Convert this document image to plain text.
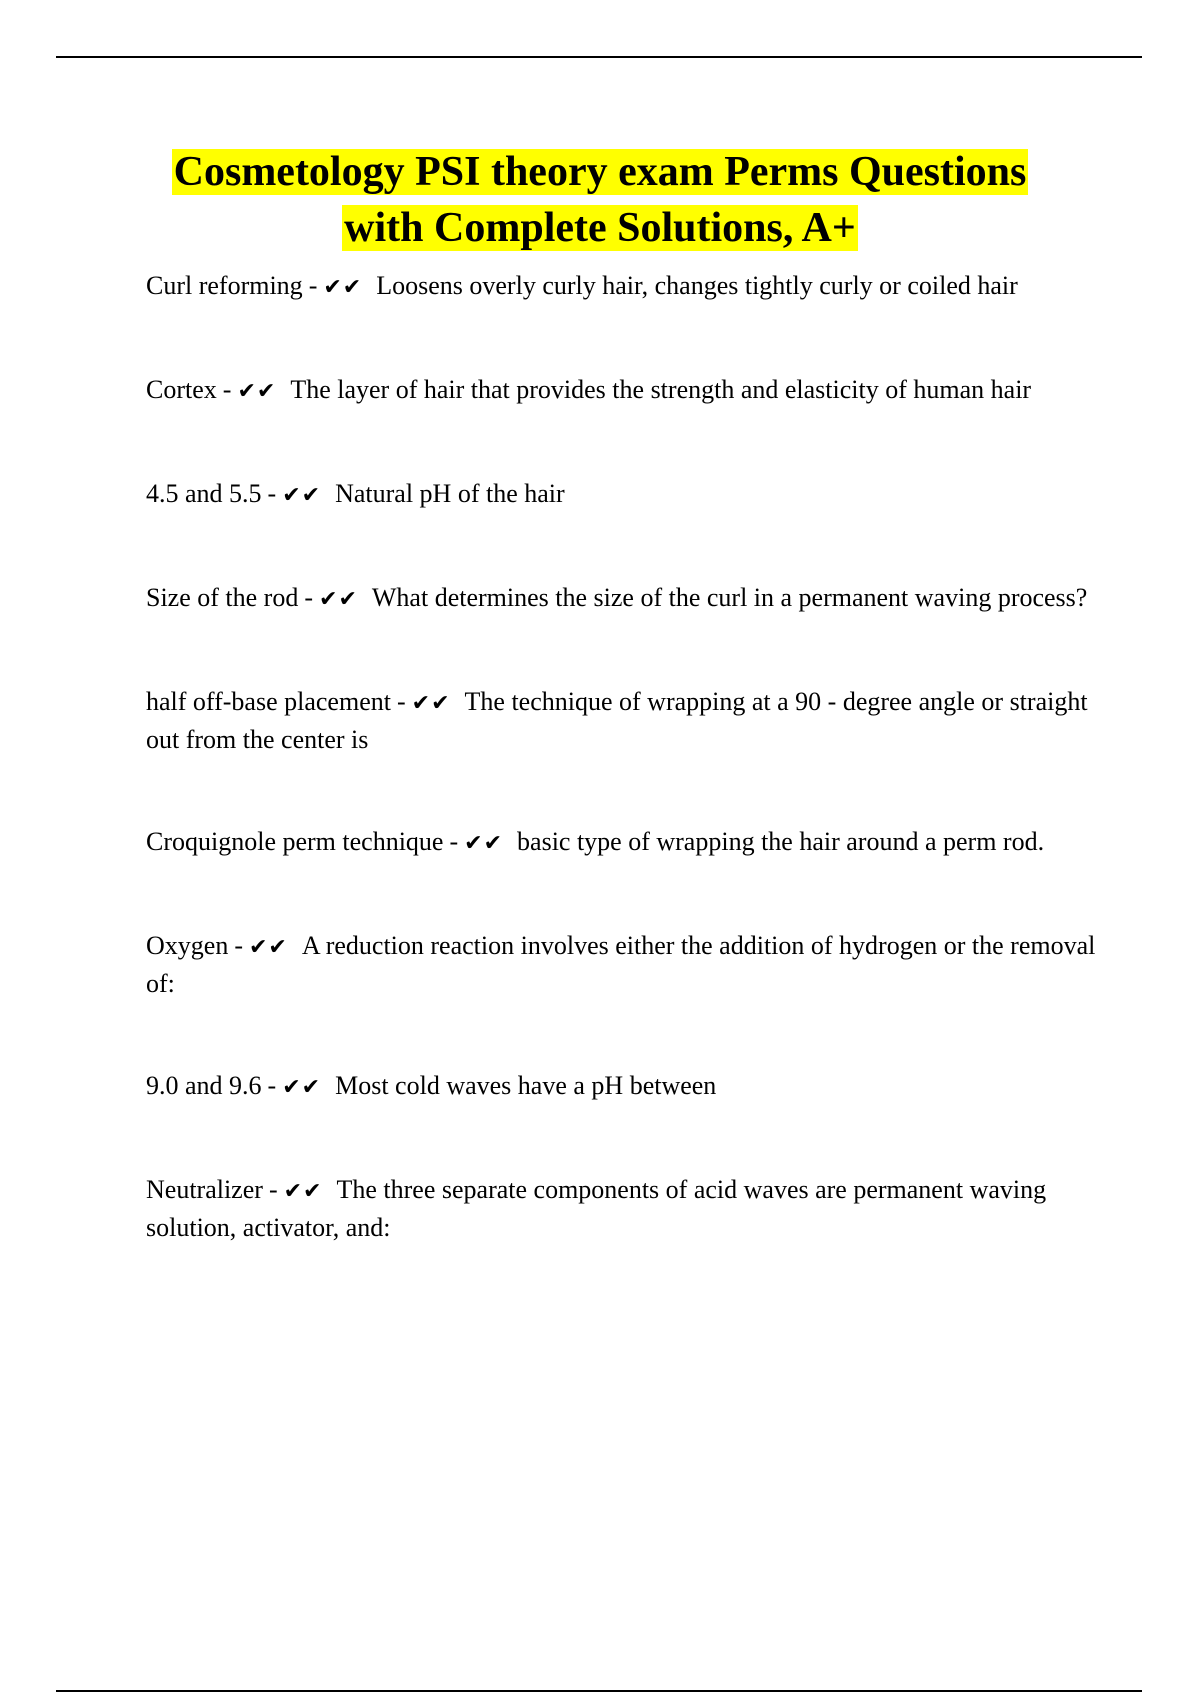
Cosmetology PSI theory exam Perms Questions
with Complete Solutions, A+
Curl reforming - ✔✔ Loosens overly curly hair, changes tightly curly or coiled hair
Cortex - ✔✔ The layer of hair that provides the strength and elasticity of human hair
4.5 and 5.5 - ✔✔ Natural pH of the hair
Size of the rod - ✔✔ What determines the size of the curl in a permanent waving process?
half off-base placement - ✔✔ The technique of wrapping at a 90 - degree angle or straight out from the center is
Croquignole perm technique - ✔✔ basic type of wrapping the hair around a perm rod.
Oxygen - ✔✔ A reduction reaction involves either the addition of hydrogen or the removal of:
9.0 and 9.6 - ✔✔ Most cold waves have a pH between
Neutralizer - ✔✔ The three separate components of acid waves are permanent waving solution, activator, and:
